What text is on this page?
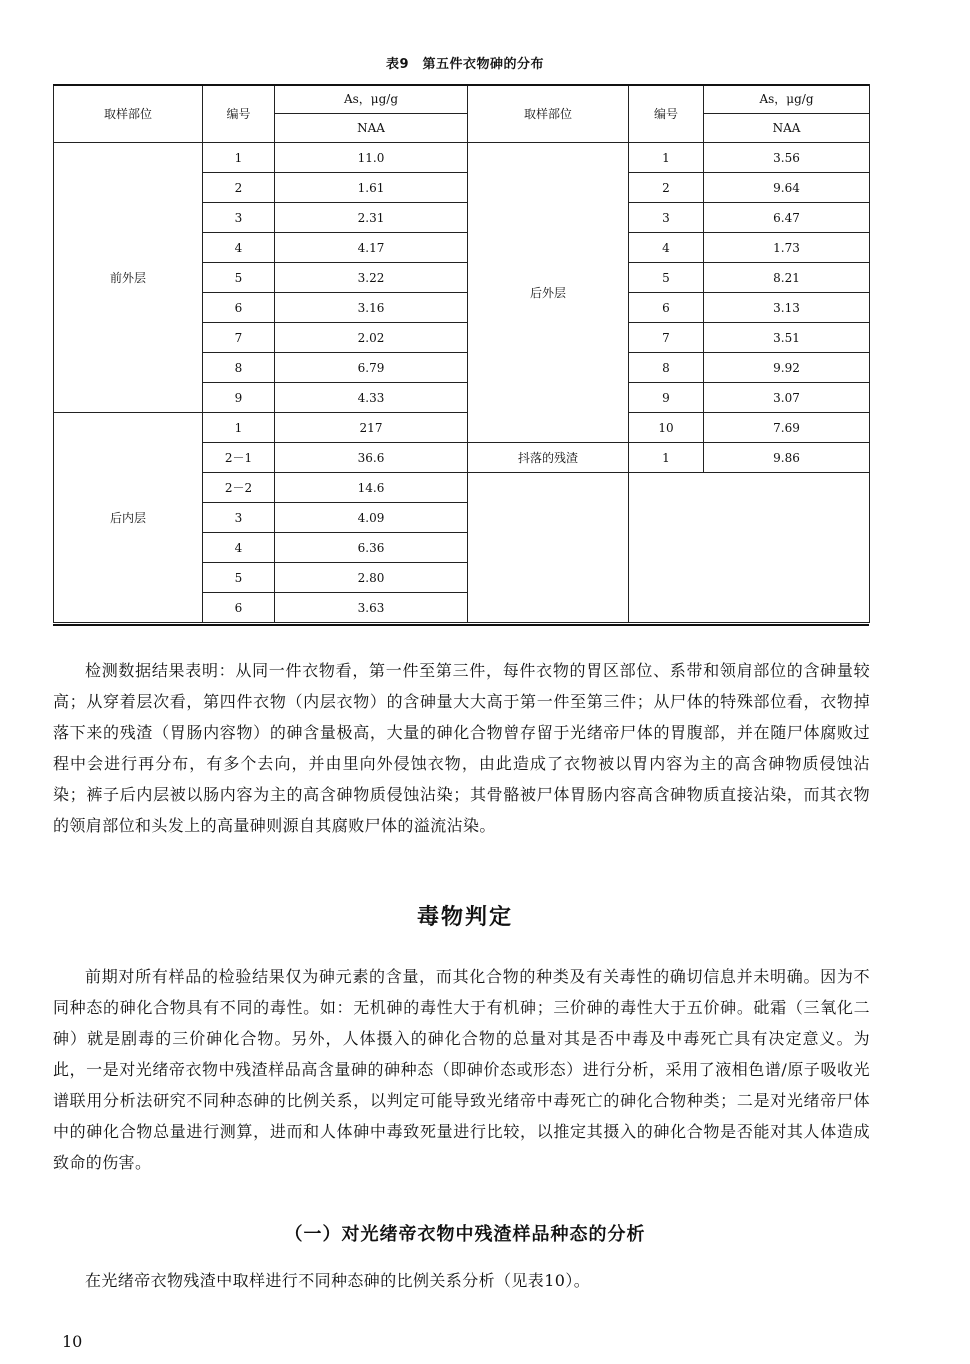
表9　第五件衣物砷的分布
取样部位	编号	As，μg/g	取样部位	编号	As，μg/g
		NAA			NAA
前外层	1	11.0	后外层	1	3.56
	2	1.61		2	9.64
	3	2.31		3	6.47
	4	4.17		4	1.73
	5	3.22		5	8.21
	6	3.16		6	3.13
	7	2.02		7	3.51
	8	6.79		8	9.92
	9	4.33		9	3.07
后内层	1	217		10	7.69
	2－1	36.6	抖落的残渣	1	9.86
	2－2	14.6			
	3	4.09			
	4	6.36			
	5	2.80			
	6	3.63			
检测数据结果表明：从同一件衣物看，第一件至第三件，每件衣物的胃区部位、系带和领肩部位的含砷量较高；从穿着层次看，第四件衣物（内层衣物）的含砷量大大高于第一件至第三件；从尸体的特殊部位看，衣物掉落下来的残渣（胃肠内容物）的砷含量极高，大量的砷化合物曾存留于光绪帝尸体的胃腹部，并在随尸体腐败过程中会进行再分布，有多个去向，并由里向外侵蚀衣物，由此造成了衣物被以胃内容为主的高含砷物质侵蚀沾染；裤子后内层被以肠内容为主的高含砷物质侵蚀沾染；其骨骼被尸体胃肠内容高含砷物质直接沾染，而其衣物的领肩部位和头发上的高量砷则源自其腐败尸体的溢流沾染。
毒物判定
前期对所有样品的检验结果仅为砷元素的含量，而其化合物的种类及有关毒性的确切信息并未明确。因为不同种态的砷化合物具有不同的毒性。如：无机砷的毒性大于有机砷；三价砷的毒性大于五价砷。砒霜（三氧化二砷）就是剧毒的三价砷化合物。另外，人体摄入的砷化合物的总量对其是否中毒及中毒死亡具有决定意义。为此，一是对光绪帝衣物中残渣样品高含量砷的砷种态（即砷价态或形态）进行分析，采用了液相色谱/原子吸收光谱联用分析法研究不同种态砷的比例关系，以判定可能导致光绪帝中毒死亡的砷化合物种类；二是对光绪帝尸体中的砷化合物总量进行测算，进而和人体砷中毒致死量进行比较，以推定其摄入的砷化合物是否能对其人体造成致命的伤害。
（一）对光绪帝衣物中残渣样品种态的分析
在光绪帝衣物残渣中取样进行不同种态砷的比例关系分析（见表10）。
10
